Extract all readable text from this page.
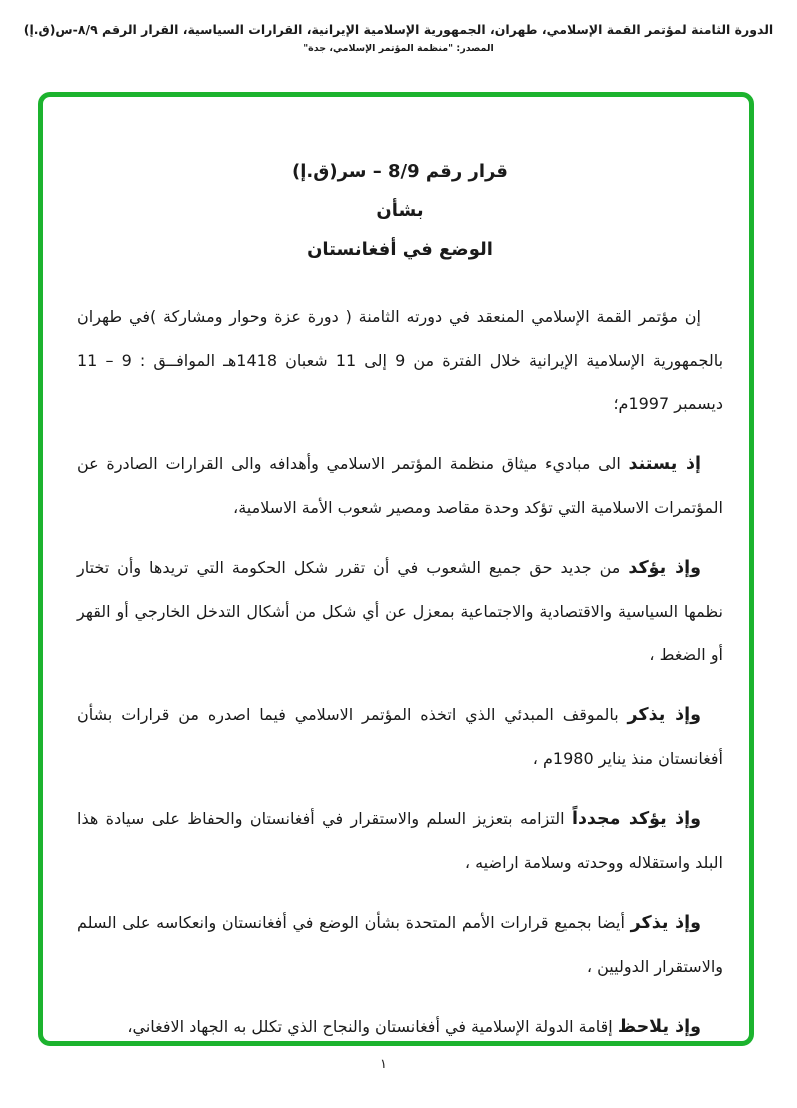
الدورة الثامنة لمؤتمر القمة الإسلامي، طهران، الجمهورية الإسلامية الإيرانية، القرارات السياسية، القرار الرقم ٨/٩-س(ق.إ)
المصدر: "منظمة المؤتمر الإسلامي، جدة"
قرار رقم 8/9 – سر(ق.إ)
بشأن
الوضع في أفغانستان

إن مؤتمر القمة الإسلامي المنعقد في دورته الثامنة ( دورة عزة وحوار ومشاركة )في طهران بالجمهورية الإسلامية الإيرانية خلال الفترة من 9 إلى 11 شعبان 1418هـ الموافــق : 9 – 11 ديسمبر 1997م؛

إذ يستند الى مباديء ميثاق منظمة المؤتمر الاسلامي وأهدافه والى القرارات الصادرة عن المؤتمرات الاسلامية التي تؤكد وحدة مقاصد ومصير شعوب الأمة الاسلامية،

وإذ يؤكد من جديد حق جميع الشعوب في أن تقرر شكل الحكومة التي تريدها وأن تختار نظمها السياسية والاقتصادية والاجتماعية بمعزل عن أي شكل من أشكال التدخل الخارجي أو القهر أو الضغط ،

وإذ يذكر بالموقف المبدئي الذي اتخذه المؤتمر الاسلامي فيما اصدره من قرارات بشأن أفغانستان منذ يناير 1980م ،

وإذ يؤكد مجدداً التزامه بتعزيز السلم والاستقرار في أفغانستان والحفاظ على سيادة هذا البلد واستقلاله ووحدته وسلامة اراضيه ،

وإذ يذكر أيضا بجميع قرارات الأمم المتحدة بشأن الوضع في أفغانستان وانعكاسه على السلم والاستقرار الدوليين ،

وإذ يلاحظ إقامة الدولة الإسلامية في أفغانستان والنجاح الذي تكلل به الجهاد الافغاني،

١
